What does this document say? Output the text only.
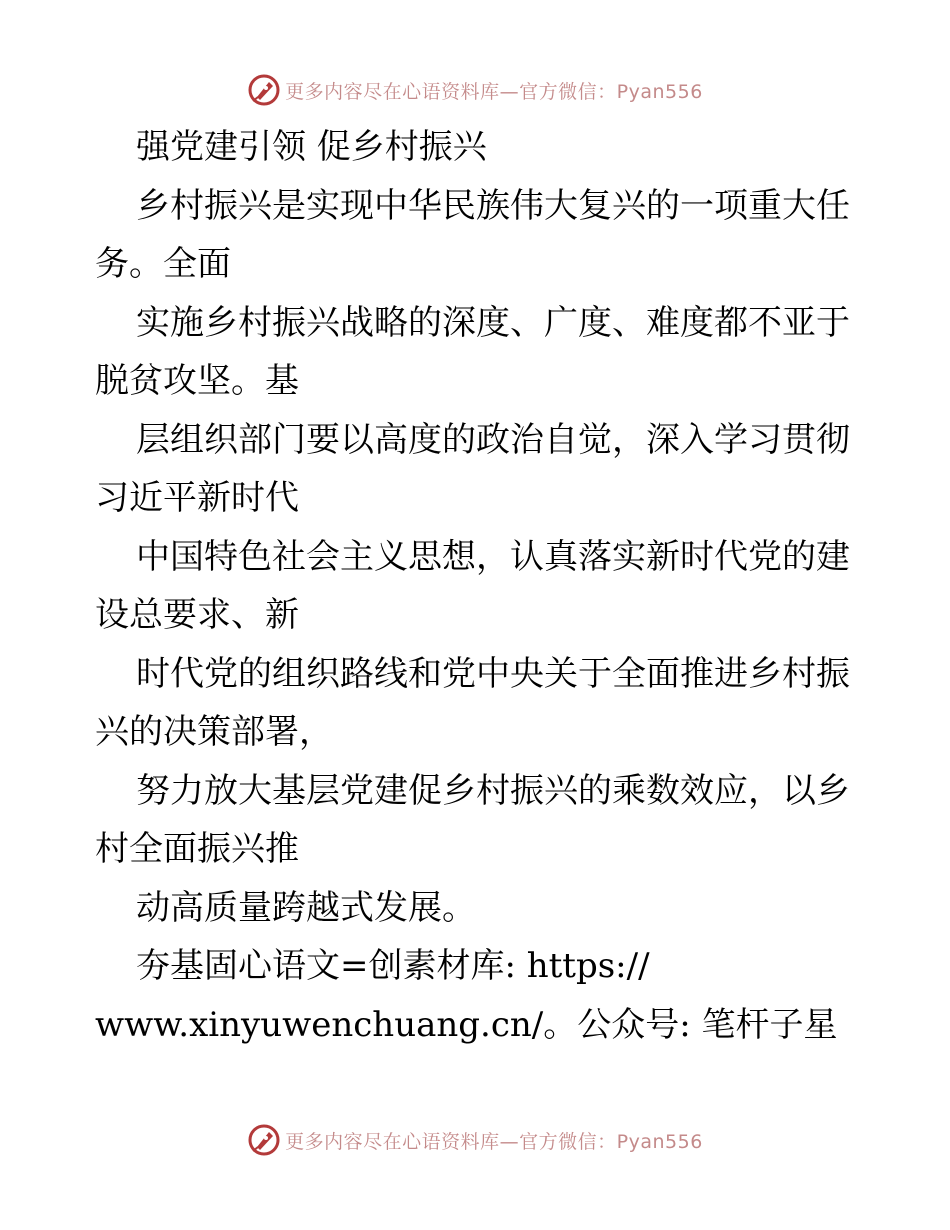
更多内容尽在心语资料库—官方微信：Pyan556
强党建引领 促乡村振兴
乡村振兴是实现中华民族伟大复兴的一项重大任
务。全面
实施乡村振兴战略的深度、广度、难度都不亚于
脱贫攻坚。基
层组织部门要以高度的政治自觉，深入学习贯彻
习近平新时代
中国特色社会主义思想，认真落实新时代党的建
设总要求、新
时代党的组织路线和党中央关于全面推进乡村振
兴的决策部署，
努力放大基层党建促乡村振兴的乘数效应，以乡
村全面振兴推
动高质量跨越式发展。
夯基固心语文=创素材库: https://
www.xinyuwenchuang.cn/。公众号: 笔杆子星
更多内容尽在心语资料库—官方微信：Pyan556
